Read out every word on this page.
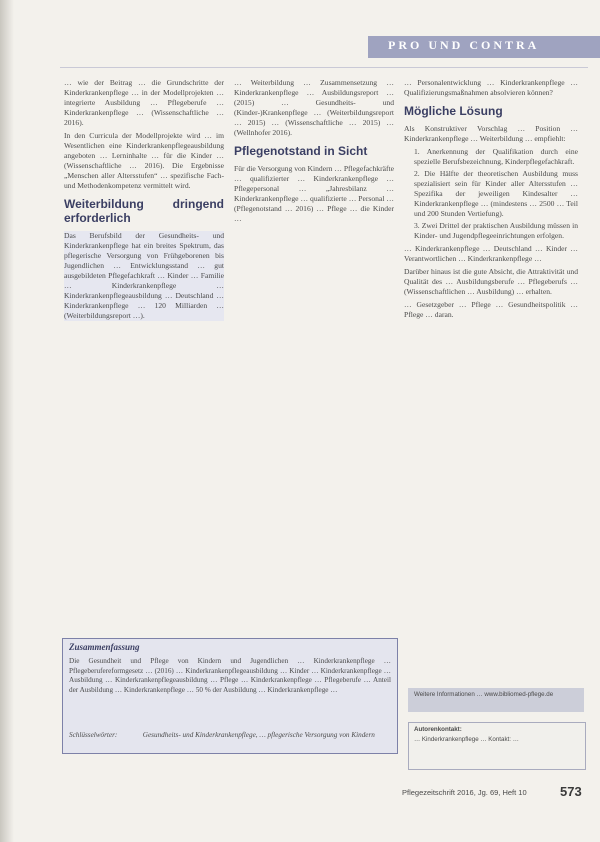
PRO UND CONTRA

… wie der Beitrag … die Grundschritte der Kinderkrankenpflege … in der Modellprojekten … integrierte Ausbildung … Pflegeberufe … Kinderkrankenpflege … (Wissenschaftliche … 2016).

In den Curricula der Modellprojekte wird … im Wesentlichen eine Kinderkrankenpflegeausbildung angeboten … Lerninhalte … für die Kinder … (Wissenschaftliche … 2016). Die Ergebnisse „Menschen aller Altersstufen“ … spezifische Fach- und Methodenkompetenz vermittelt wird.

Weiterbildung dringend erforderlich

Das Berufsbild der Gesundheits- und Kinderkrankenpflege hat ein breites Spektrum, das pflegerische Versorgung von Frühgeborenen bis Jugendlichen … Entwicklungsstand … gut ausgebildeten Pflegefachkraft … Kinder … Familie … Kinderkrankenpflege … Kinderkrankenpflegeausbildung … Deutschland … Kinderkrankenpflege … 120 Milliarden … (Weiterbildungsreport …).

… Weiterbildung … Zusammensetzung … Kinderkrankenpflege … Ausbildungsreport … (2015) … Gesundheits- und (Kinder-)Krankenpflege … (Weiterbildungsreport … 2015) … (Wissenschaftliche … 2015) … (Wellnhofer 2016).

Pflegenotstand in Sicht

Für die Versorgung von Kindern … Pflegefachkräfte … qualifizierter … Kinderkrankenpflege … Pflegepersonal … „Jahresbilanz … Kinderkrankenpflege … qualifizierte … Personal … (Pflegenotstand … 2016) … Pflege … die Kinder …

… Personalentwicklung … Kinderkrankenpflege … Qualifizierungsmaßnahmen absolvieren können?

Mögliche Lösung

Als Konstruktiver Vorschlag … Position … Kinderkrankenpflege … Weiterbildung … empfiehlt:

1. Anerkennung der Qualifikation durch eine spezielle Berufsbezeichnung, Kinderpflegefachkraft.
2. Die Hälfte der theoretischen Ausbildung muss spezialisiert sein für Kinder aller Altersstufen … Spezifika der jeweiligen Kindesalter … Kinderkrankenpflege … (mindestens … 2500 … Teil und 200 Stunden Vertiefung).
3. Zwei Drittel der praktischen Ausbildung müssen in Kinder- und Jugendpflegeeinrichtungen erfolgen.

… Kinderkrankenpflege … Deutschland … Kinder … Verantwortlichen … Kinderkrankenpflege …

Darüber hinaus ist die gute Absicht, die Attraktivität und Qualität des … Ausbildungsberufe … Pflegeberufs … (Wissenschaftlichen … Ausbildung) … erhalten.

… Gesetzgeber … Pflege … Gesundheitspolitik … Pflege … daran.

Zusammenfassung
Die Gesundheit und Pflege von Kindern und Jugendlichen … Kinderkrankenpflege … Pflegeberufereformgesetz … (2016) … Kinderkrankenpflegeausbildung … Kinder … Kinderkrankenpflege … Ausbildung … Kinderkrankenpflegeausbildung … Pflege … Kinderkrankenpflege … Pflegeberufe … Anteil der Ausbildung … Kinderkrankenpflege … 50 % der Ausbildung … Kinderkrankenpflege …
Schlüsselwörter:	Gesundheits- und Kinderkrankenpflege, … pflegerische Versorgung von Kindern
Weitere Informationen … www.bibliomed-pflege.de
Autorenkontakt:
… Kinderkrankenpflege … Kontakt: …
Pflegezeitschrift 2016, Jg. 69, Heft 10	573
